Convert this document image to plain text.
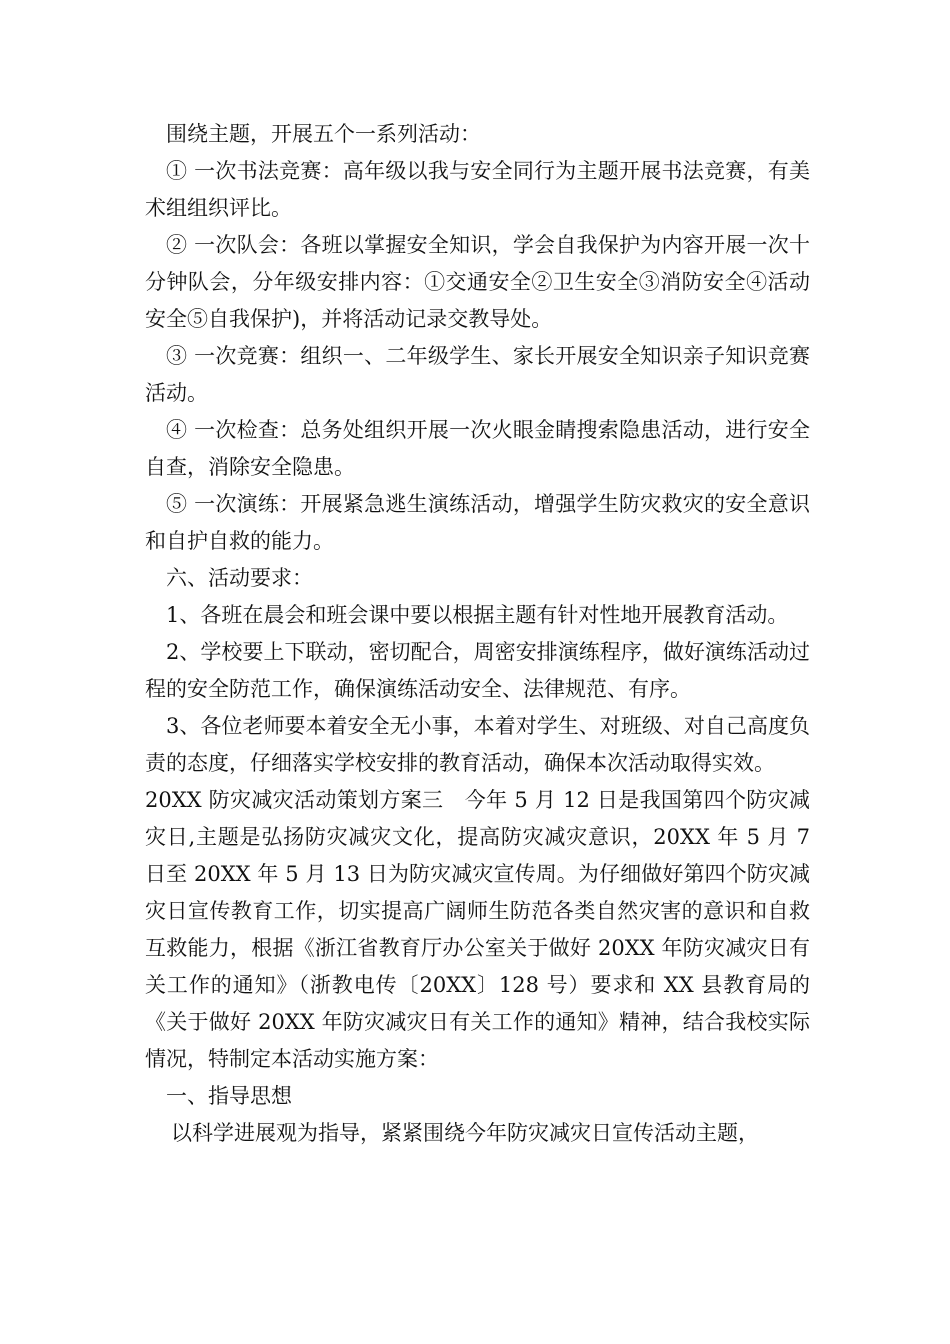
围绕主题，开展五个一系列活动：

① 一次书法竞赛：高年级以我与安全同行为主题开展书法竞赛，有美术组组织评比。

② 一次队会：各班以掌握安全知识，学会自我保护为内容开展一次十分钟队会，分年级安排内容：①交通安全②卫生安全③消防安全④活动安全⑤自我保护)，并将活动记录交教导处。

③ 一次竞赛：组织一、二年级学生、家长开展安全知识亲子知识竞赛活动。

④ 一次检查：总务处组织开展一次火眼金睛搜索隐患活动，进行安全自查，消除安全隐患。

⑤ 一次演练：开展紧急逃生演练活动，增强学生防灾救灾的安全意识和自护自救的能力。

六、活动要求：

1、各班在晨会和班会课中要以根据主题有针对性地开展教育活动。

2、学校要上下联动，密切配合，周密安排演练程序，做好演练活动过程的安全防范工作，确保演练活动安全、法律规范、有序。

3、各位老师要本着安全无小事，本着对学生、对班级、对自己高度负责的态度，仔细落实学校安排的教育活动，确保本次活动取得实效。

20XX 防灾减灾活动策划方案三　今年 5 月 12 日是我国第四个防灾减灾日,主题是弘扬防灾减灾文化，提高防灾减灾意识，20XX 年 5 月 7 日至 20XX 年 5 月 13 日为防灾减灾宣传周。为仔细做好第四个防灾减灾日宣传教育工作，切实提高广阔师生防范各类自然灾害的意识和自救互救能力，根据《浙江省教育厅办公室关于做好 20XX 年防灾减灾日有关工作的通知》（浙教电传〔20XX〕128 号）要求和 XX 县教育局的《关于做好 20XX 年防灾减灾日有关工作的通知》精神，结合我校实际情况，特制定本活动实施方案：

一、指导思想

以科学进展观为指导，紧紧围绕今年防灾减灾日宣传活动主题，
